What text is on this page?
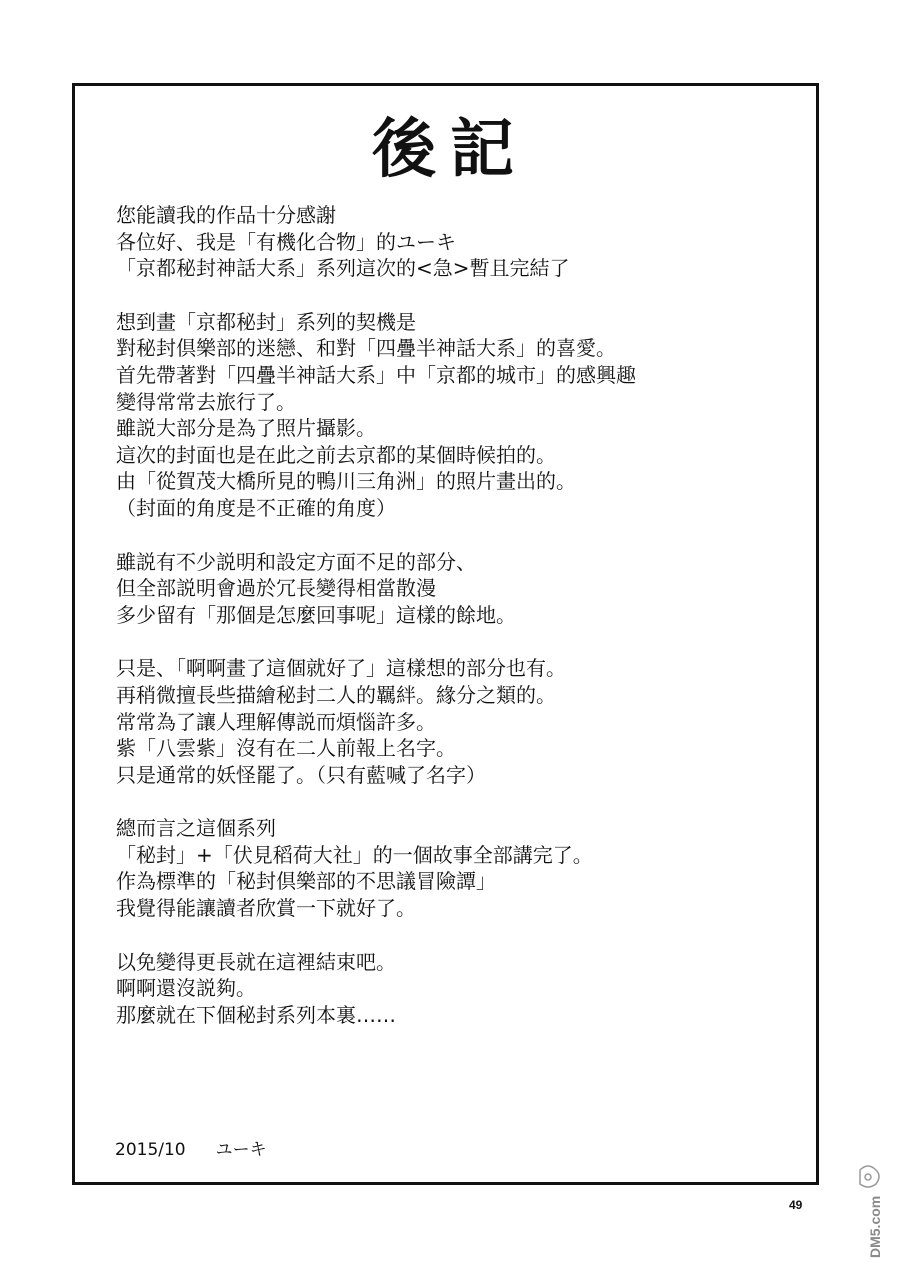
後記
您能讀我的作品十分感謝
各位好、我是「有機化合物」的ユーキ
「京都秘封神話大系」系列這次的<急>暫且完結了
想到畫「京都秘封」系列的契機是
對秘封倶樂部的迷戀、和對「四疊半神話大系」的喜愛。
首先帶著對「四疊半神話大系」中「京都的城市」的感興趣
變得常常去旅行了。
雖説大部分是為了照片攝影。
這次的封面也是在此之前去京都的某個時候拍的。
由「從賀茂大橋所見的鴨川三角洲」的照片畫出的。
（封面的角度是不正確的角度）
雖説有不少説明和設定方面不足的部分、
但全部説明會過於冗長變得相當散漫
多少留有「那個是怎麼回事呢」這樣的餘地。
只是、「啊啊畫了這個就好了」這樣想的部分也有。
再稍微擅長些描繪秘封二人的羈絆。緣分之類的。
常常為了讓人理解傳説而煩惱許多。
紫「八雲紫」沒有在二人前報上名字。
只是通常的妖怪罷了。（只有藍喊了名字）
總而言之這個系列
「秘封」+「伏見稻荷大社」的一個故事全部講完了。
作為標準的「秘封倶樂部的不思議冒險譚」
我覺得能讓讀者欣賞一下就好了。
以免變得更長就在這裡結束吧。
啊啊還沒説夠。
那麼就在下個秘封系列本裏……
2015/10 ユーキ
49	DM5.com
